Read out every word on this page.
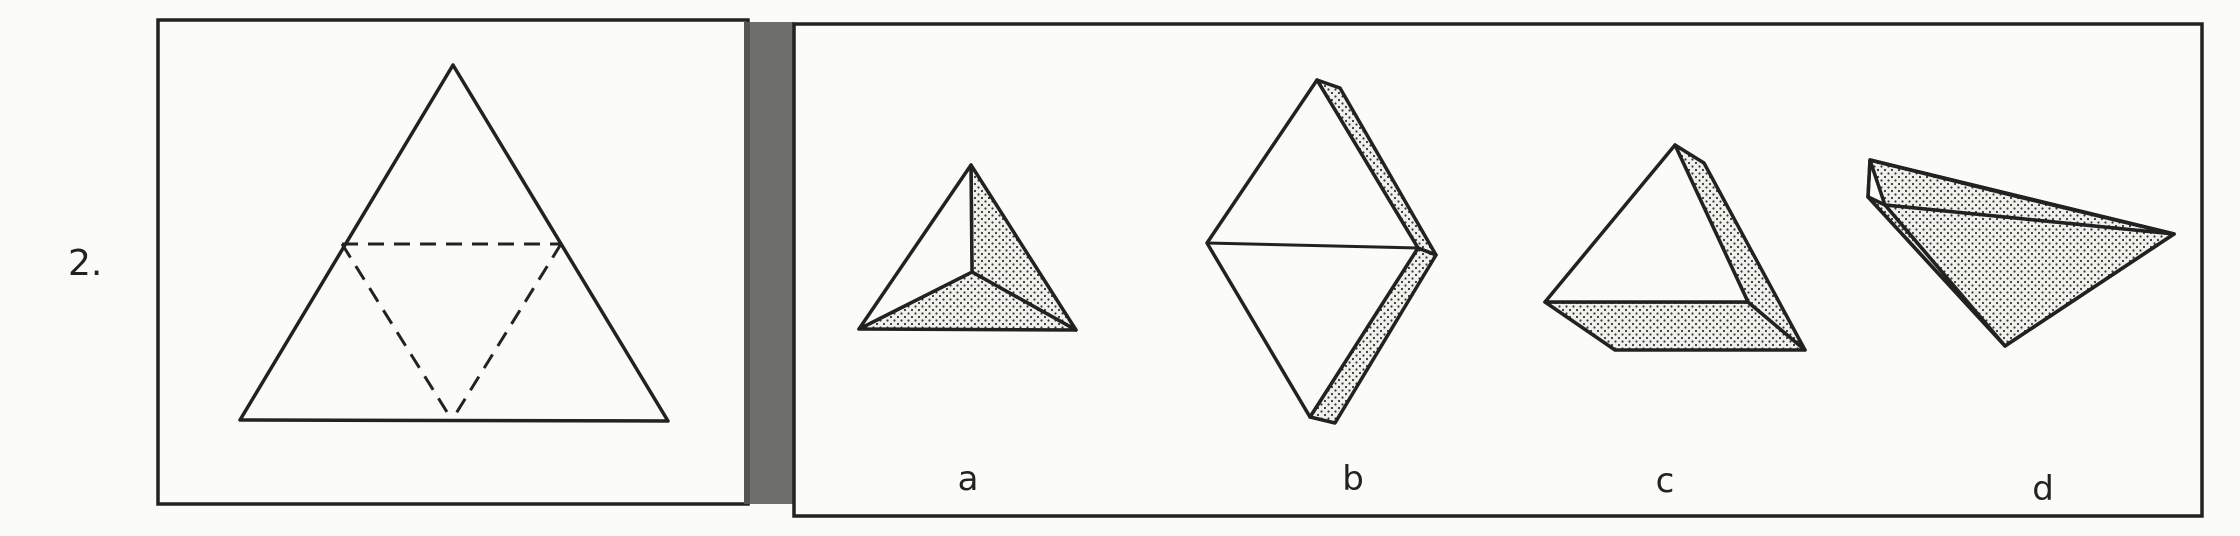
2.
a	b	c	d
